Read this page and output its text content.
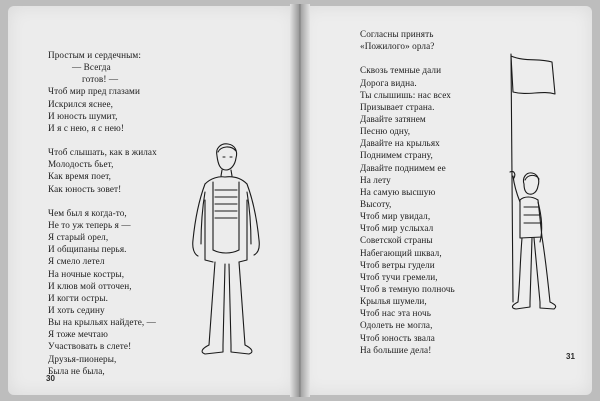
Простым и сердечным:
— Всегда
готов! —
Чтоб мир пред глазами
Искрился яснее,
И юность шумит,
И я с нею, я с нею!
Чтоб слышать, как в жилах
Молодость бьет,
Как время поет,
Как юность зовет!
Чем был я когда-то,
Не то уж теперь я —
Я старый орел,
И общипаны перья.
Я смело летел
На ночные костры,
И клюв мой отточен,
И когти остры.
И хоть седину
Вы на крыльях найдете, —
Я тоже мечтаю
Участвовать в слете!
Друзья-пионеры,
Была не была,
Согласны принять
«Пожилого» орла?
Сквозь темные дали
Дорога видна.
Ты слышишь: нас всех
Призывает страна.
Давайте затянем
Песню одну,
Давайте на крыльях
Поднимем страну,
Давайте поднимем ее
На лету
На самую высшую
Высоту,
Чтоб мир увидал,
Чтоб мир услыхал
Советской страны
Набегающий шквал,
Чтоб ветры гудели
Чтоб тучи гремели,
Чтоб в темную полночь
Крылья шумели,
Чтоб нас эта ночь
Одолеть не могла,
Чтоб юность звала
На большие дела!
30
31
